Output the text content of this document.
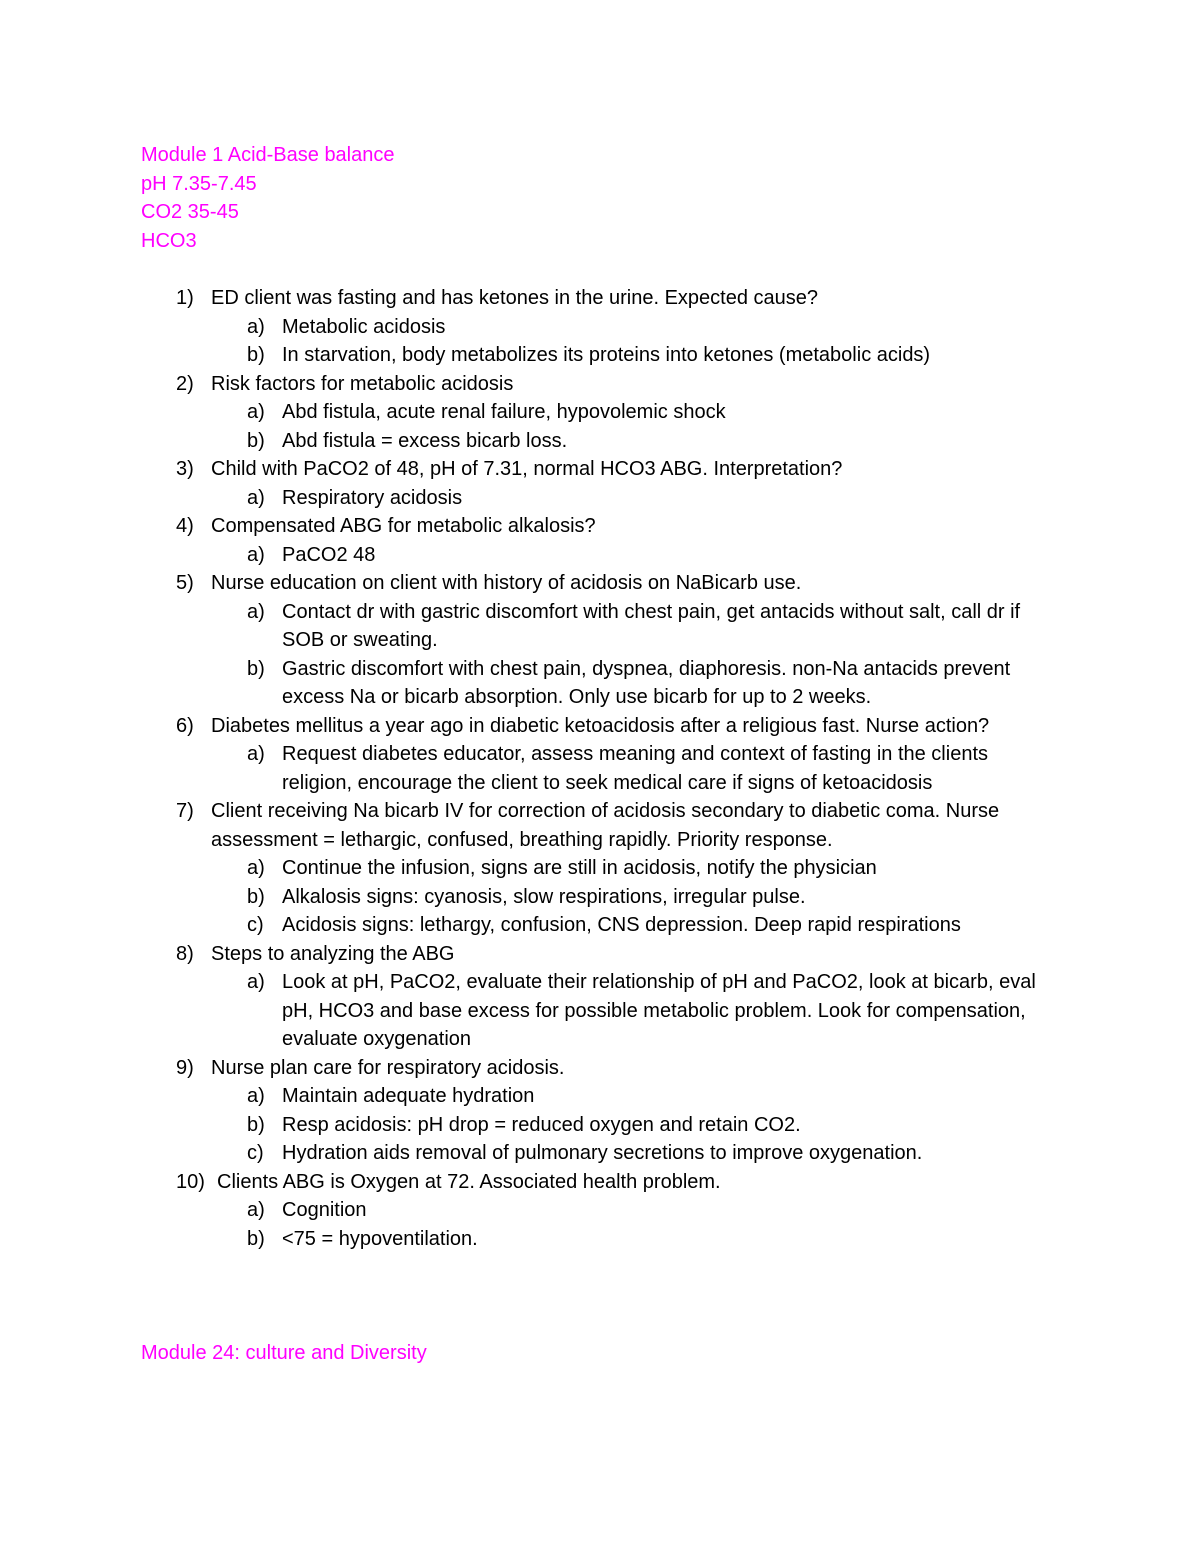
Module 1 Acid-Base balance
pH 7.35-7.45
CO2 35-45
HCO3
1) ED client was fasting and has ketones in the urine. Expected cause?
a) Metabolic acidosis
b) In starvation, body metabolizes its proteins into ketones (metabolic acids)
2) Risk factors for metabolic acidosis
a) Abd fistula, acute renal failure, hypovolemic shock
b) Abd fistula = excess bicarb loss.
3) Child with PaCO2 of 48, pH of 7.31, normal HCO3 ABG. Interpretation?
a) Respiratory acidosis
4) Compensated ABG for metabolic alkalosis?
a) PaCO2 48
5) Nurse education on client with history of acidosis on NaBicarb use.
a) Contact dr with gastric discomfort with chest pain, get antacids without salt, call dr if SOB or sweating.
b) Gastric discomfort with chest pain, dyspnea, diaphoresis. non-Na antacids prevent excess Na or bicarb absorption. Only use bicarb for up to 2 weeks.
6) Diabetes mellitus a year ago in diabetic ketoacidosis after a religious fast. Nurse action?
a) Request diabetes educator, assess meaning and context of fasting in the clients religion, encourage the client to seek medical care if signs of ketoacidosis
7) Client receiving Na bicarb IV for correction of acidosis secondary to diabetic coma. Nurse assessment = lethargic, confused, breathing rapidly. Priority response.
a) Continue the infusion, signs are still in acidosis, notify the physician
b) Alkalosis signs: cyanosis, slow respirations, irregular pulse.
c) Acidosis signs: lethargy, confusion, CNS depression. Deep rapid respirations
8) Steps to analyzing the ABG
a) Look at pH, PaCO2, evaluate their relationship of pH and PaCO2, look at bicarb, eval pH, HCO3 and base excess for possible metabolic problem. Look for compensation, evaluate oxygenation
9) Nurse plan care for respiratory acidosis.
a) Maintain adequate hydration
b) Resp acidosis: pH drop = reduced oxygen and retain CO2.
c) Hydration aids removal of pulmonary secretions to improve oxygenation.
10) Clients ABG is Oxygen at 72. Associated health problem.
a) Cognition
b) <75 = hypoventilation.
Module 24: culture and Diversity
